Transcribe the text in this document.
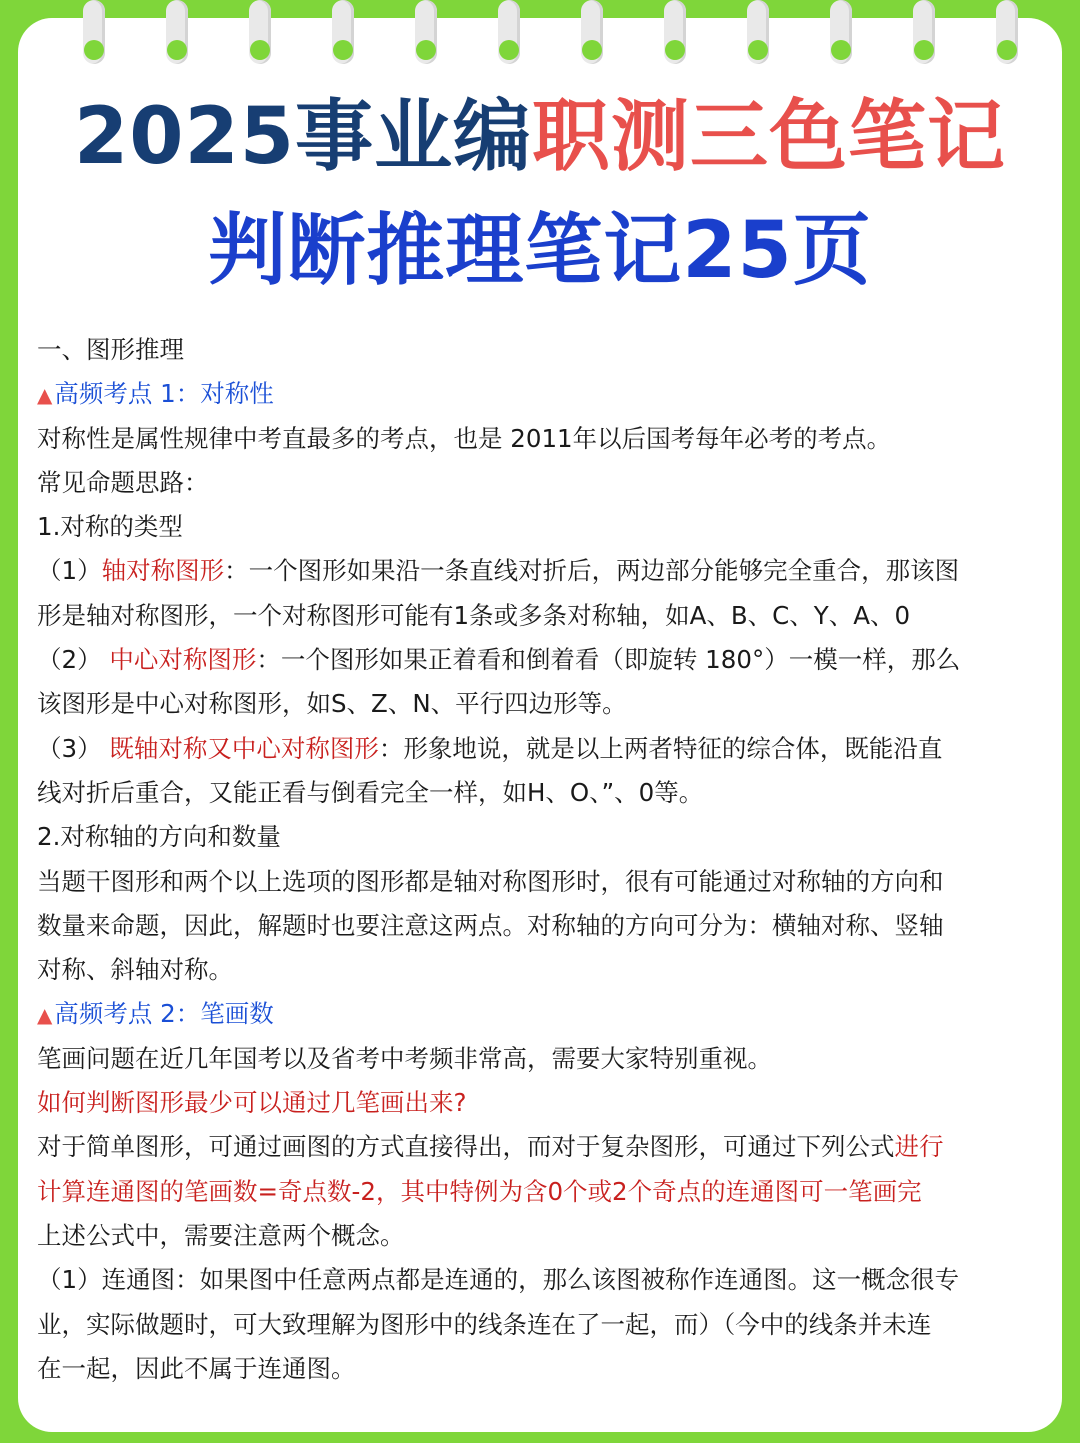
2025事业编职测三色笔记
判断推理笔记25页
一、图形推理
▲高频考点 1：对称性
对称性是属性规律中考直最多的考点，也是 2011年以后国考每年必考的考点。
常见命题思路：
1.对称的类型
（1）轴对称图形：一个图形如果沿一条直线对折后，两边部分能够完全重合，那该图
形是轴对称图形，一个对称图形可能有1条或多条对称轴，如A、B、C、Y、A、0
（2） 中心对称图形：一个图形如果正着看和倒着看（即旋转 180°）一模一样，那么
该图形是中心对称图形，如S、Z、N、平行四边形等。
（3） 既轴对称又中心对称图形：形象地说，就是以上两者特征的综合体，既能沿直
线对折后重合，又能正看与倒看完全一样，如H、O、”、0等。
2.对称轴的方向和数量
当题干图形和两个以上选项的图形都是轴对称图形时，很有可能通过对称轴的方向和
数量来命题，因此，解题时也要注意这两点。对称轴的方向可分为：横轴对称、竖轴
对称、斜轴对称。
▲高频考点 2：笔画数
笔画问题在近几年国考以及省考中考频非常高，需要大家特别重视。
如何判断图形最少可以通过几笔画出来?
对于简单图形，可通过画图的方式直接得出，而对于复杂图形，可通过下列公式进行
计算连通图的笔画数=奇点数-2，其中特例为含0个或2个奇点的连通图可一笔画完
上述公式中，需要注意两个概念。
（1）连通图：如果图中任意两点都是连通的，那么该图被称作连通图。这一概念很专
业，实际做题时，可大致理解为图形中的线条连在了一起，而）（今中的线条并未连
在一起，因此不属于连通图。
